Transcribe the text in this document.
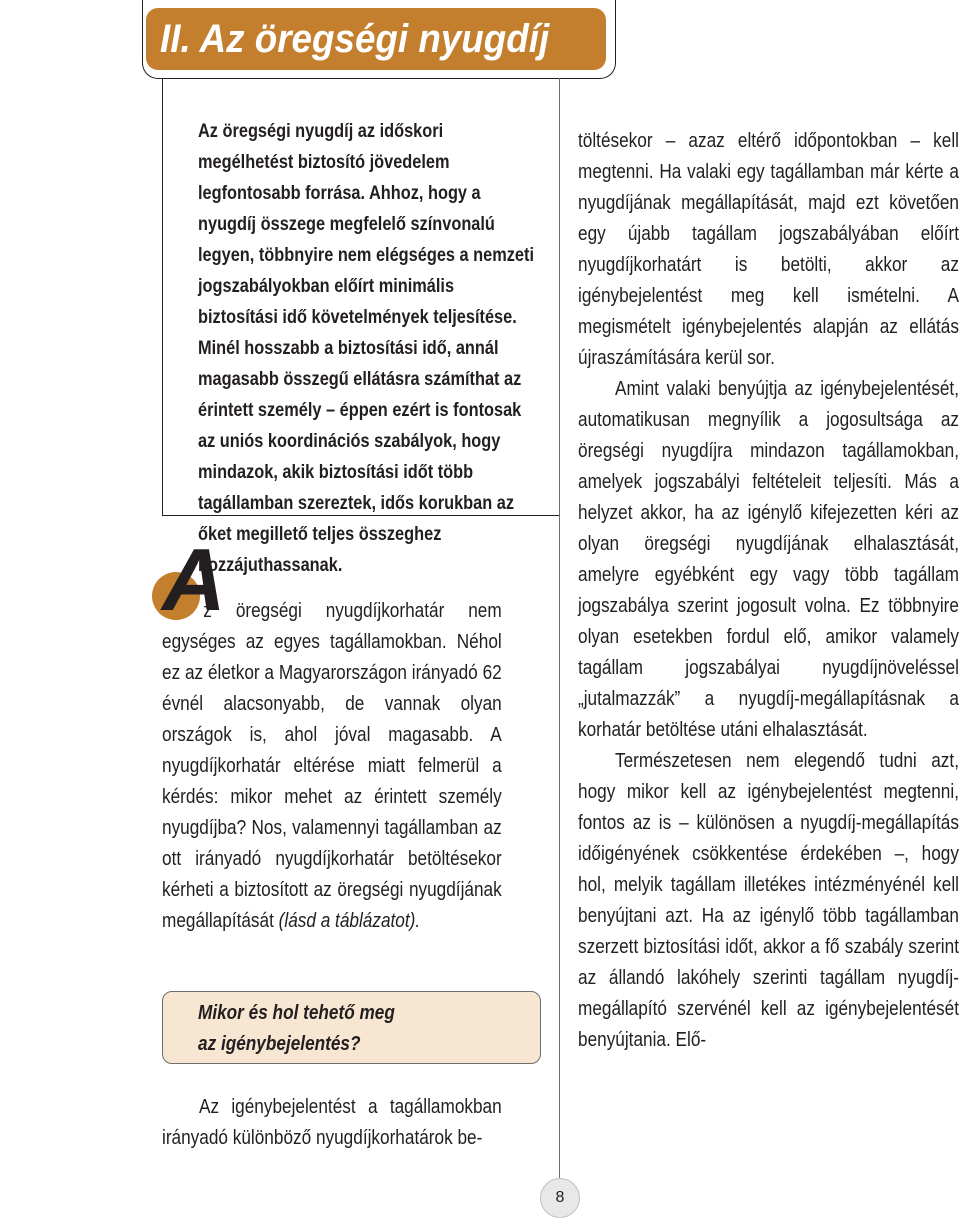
II. Az öregségi nyugdíj

Az öregségi nyugdíj az időskori megélhetést biztosító jövedelem legfontosabb forrása. Ahhoz, hogy a nyugdíj összege megfelelő színvonalú legyen, többnyire nem elégséges a nemzeti jogszabályokban előírt minimális biztosítási idő követelmények teljesítése. Minél hosszabb a biztosítási idő, annál magasabb összegű ellátásra számíthat az érintett személy – éppen ezért is fontosak az uniós koordinációs szabályok, hogy mindazok, akik biztosítási időt több tagállamban szereztek, idős korukban az őket megillető teljes összeghez hozzájuthassanak.

A

z öregségi nyugdíjkorhatár nem egységes az egyes tagállamokban. Néhol ez az életkor a Magyarországon irányadó 62 évnél alacsonyabb, de vannak olyan országok is, ahol jóval magasabb. A nyugdíjkorhatár eltérése miatt felmerül a kérdés: mikor mehet az érintett személy nyugdíjba? Nos, valamennyi tagállamban az ott irányadó nyugdíjkorhatár betöltésekor kérheti a biztosított az öregségi nyugdíjának megállapítását (lásd a táblázatot).

Mikor és hol tehető meg
az igénybejelentés?

Az igénybejelentést a tagállamokban irányadó különböző nyugdíjkorhatárok be-

töltésekor – azaz eltérő időpontokban – kell megtenni. Ha valaki egy tagállamban már kérte a nyugdíjának megállapítását, majd ezt követően egy újabb tagállam jogszabályában előírt nyugdíjkorhatárt is betölti, akkor az igénybejelentést meg kell ismételni. A megismételt igénybejelentés alapján az ellátás újraszámítására kerül sor.

Amint valaki benyújtja az igénybejelentését, automatikusan megnyílik a jogosultsága az öregségi nyugdíjra mindazon tagállamokban, amelyek jogszabályi feltételeit teljesíti. Más a helyzet akkor, ha az igénylő kifejezetten kéri az olyan öregségi nyugdíjának elhalasztását, amelyre egyébként egy vagy több tagállam jogszabálya szerint jogosult volna. Ez többnyire olyan esetekben fordul elő, amikor valamely tagállam jogszabályai nyugdíjnöveléssel „jutalmazzák” a nyugdíj-megállapításnak a korhatár betöltése utáni elhalasztását.

Természetesen nem elegendő tudni azt, hogy mikor kell az igénybejelentést megtenni, fontos az is – különösen a nyugdíj-megállapítás időigényének csökkentése érdekében –, hogy hol, melyik tagállam illetékes intézményénél kell benyújtani azt. Ha az igénylő több tagállamban szerzett biztosítási időt, akkor a fő szabály szerint az állandó lakóhely szerinti tagállam nyugdíj-megállapító szervénél kell az igénybejelentését benyújtania. Elő-

8
